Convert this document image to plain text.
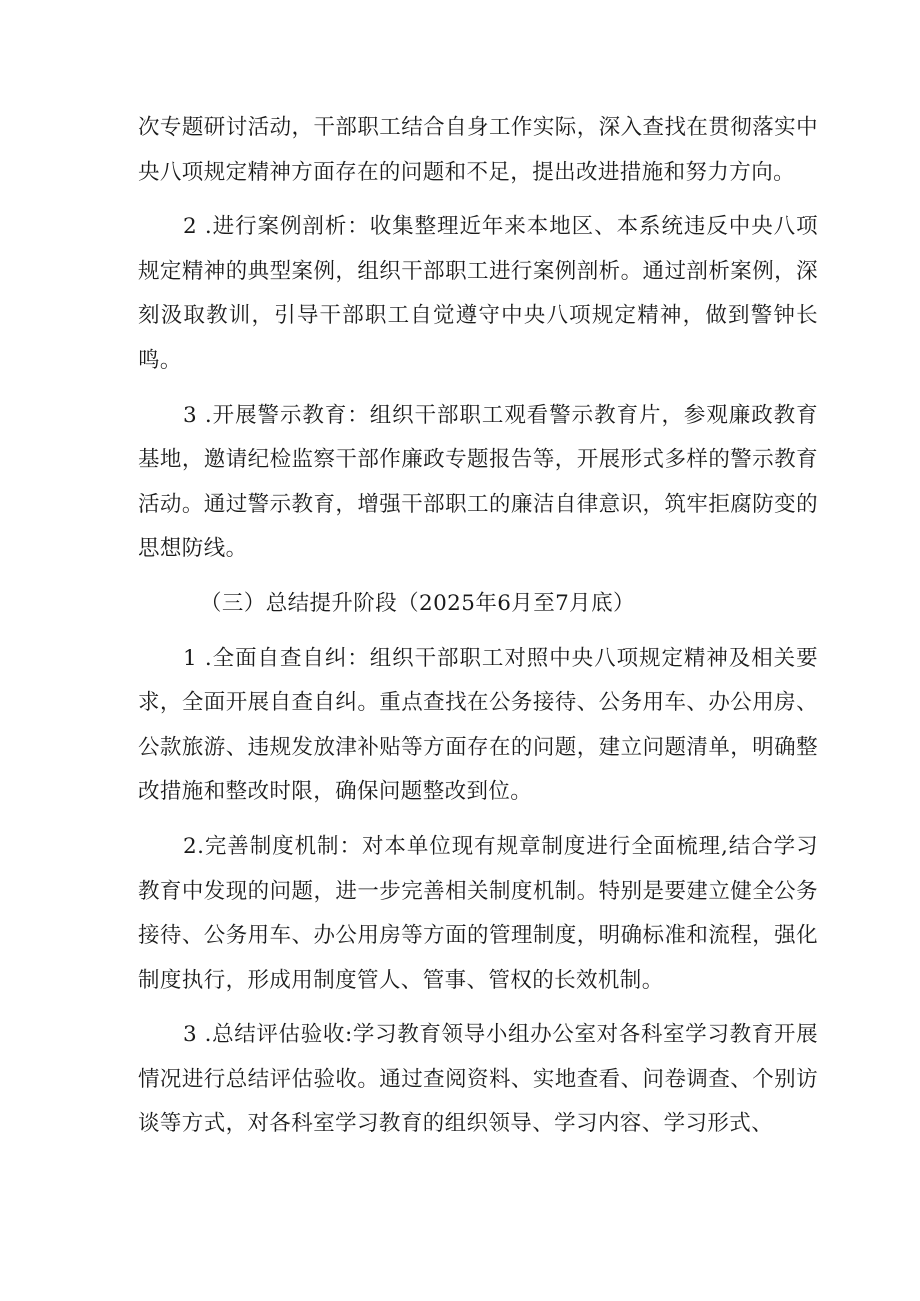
次专题研讨活动，干部职工结合自身工作实际，深入查找在贯彻落实中央八项规定精神方面存在的问题和不足，提出改进措施和努力方向。

2 .进行案例剖析：收集整理近年来本地区、本系统违反中央八项规定精神的典型案例，组织干部职工进行案例剖析。通过剖析案例，深刻汲取教训，引导干部职工自觉遵守中央八项规定精神，做到警钟长鸣。

3 .开展警示教育：组织干部职工观看警示教育片，参观廉政教育基地，邀请纪检监察干部作廉政专题报告等，开展形式多样的警示教育活动。通过警示教育，增强干部职工的廉洁自律意识，筑牢拒腐防变的思想防线。

（三）总结提升阶段（2025年6月至7月底）

1 .全面自查自纠：组织干部职工对照中央八项规定精神及相关要求，全面开展自查自纠。重点查找在公务接待、公务用车、办公用房、公款旅游、违规发放津补贴等方面存在的问题，建立问题清单，明确整改措施和整改时限，确保问题整改到位。

2.完善制度机制：对本单位现有规章制度进行全面梳理,结合学习教育中发现的问题，进一步完善相关制度机制。特别是要建立健全公务接待、公务用车、办公用房等方面的管理制度，明确标准和流程，强化制度执行，形成用制度管人、管事、管权的长效机制。

3 .总结评估验收:学习教育领导小组办公室对各科室学习教育开展情况进行总结评估验收。通过查阅资料、实地查看、问卷调查、个别访谈等方式，对各科室学习教育的组织领导、学习内容、学习形式、
